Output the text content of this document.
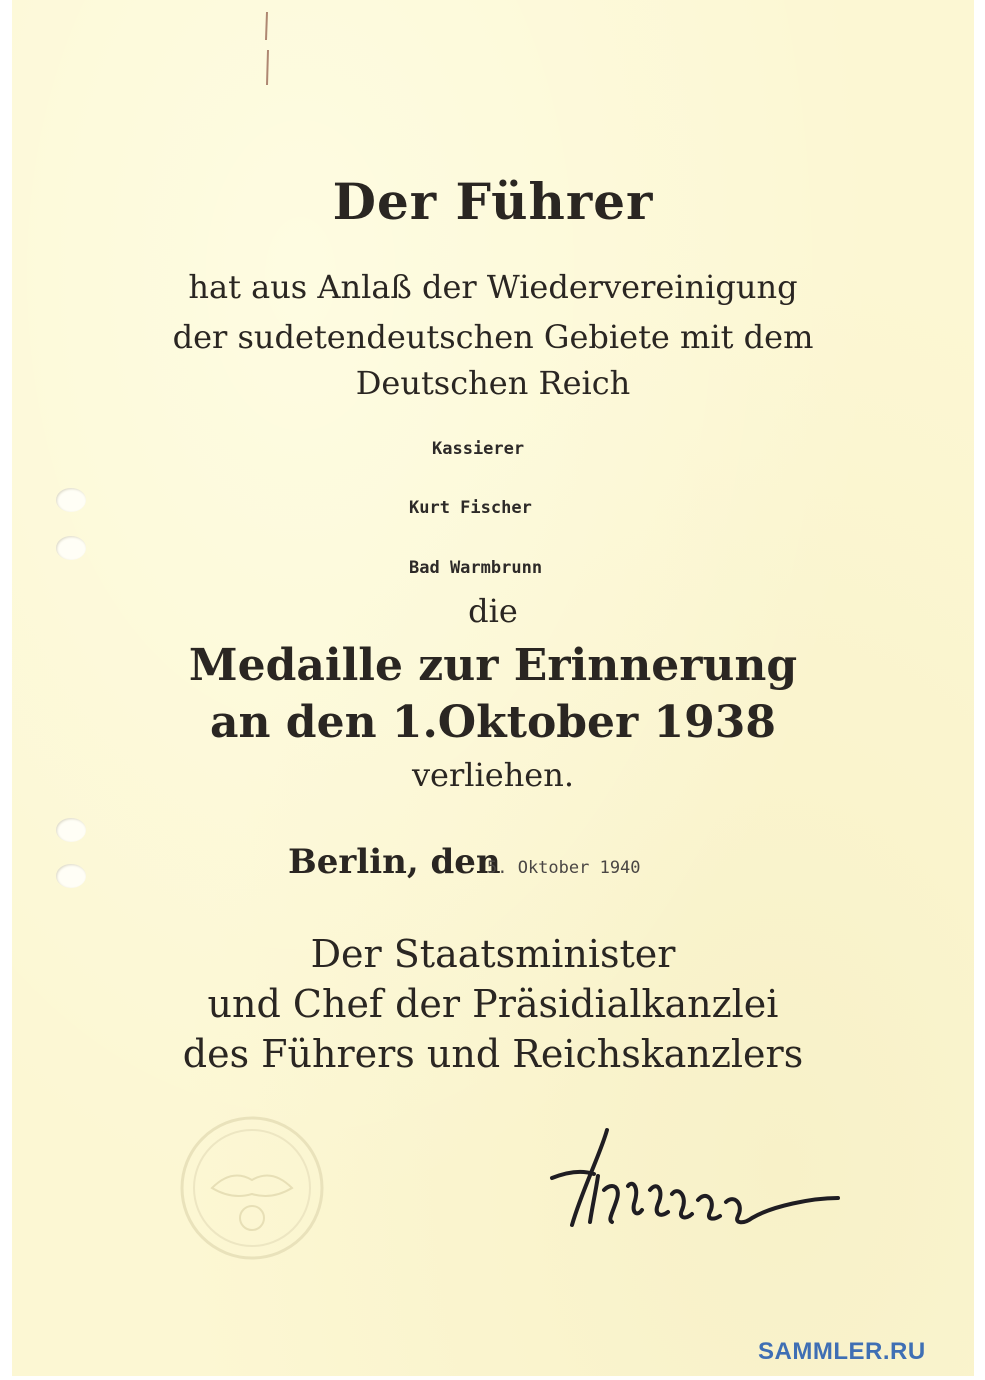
Der Führer
hat aus Anlaß der Wiedervereinigung
der sudetendeutschen Gebiete mit dem
Deutschen Reich
Kassierer
Kurt Fischer
Bad Warmbrunn
die
Medaille zur Erinnerung
an den 1.Oktober 1938
verliehen.
Berlin, den
5. Oktober 1940
Der Staatsminister
und Chef der Präsidialkanzlei
des Führers und Reichskanzlers
SAMMLER.RU
